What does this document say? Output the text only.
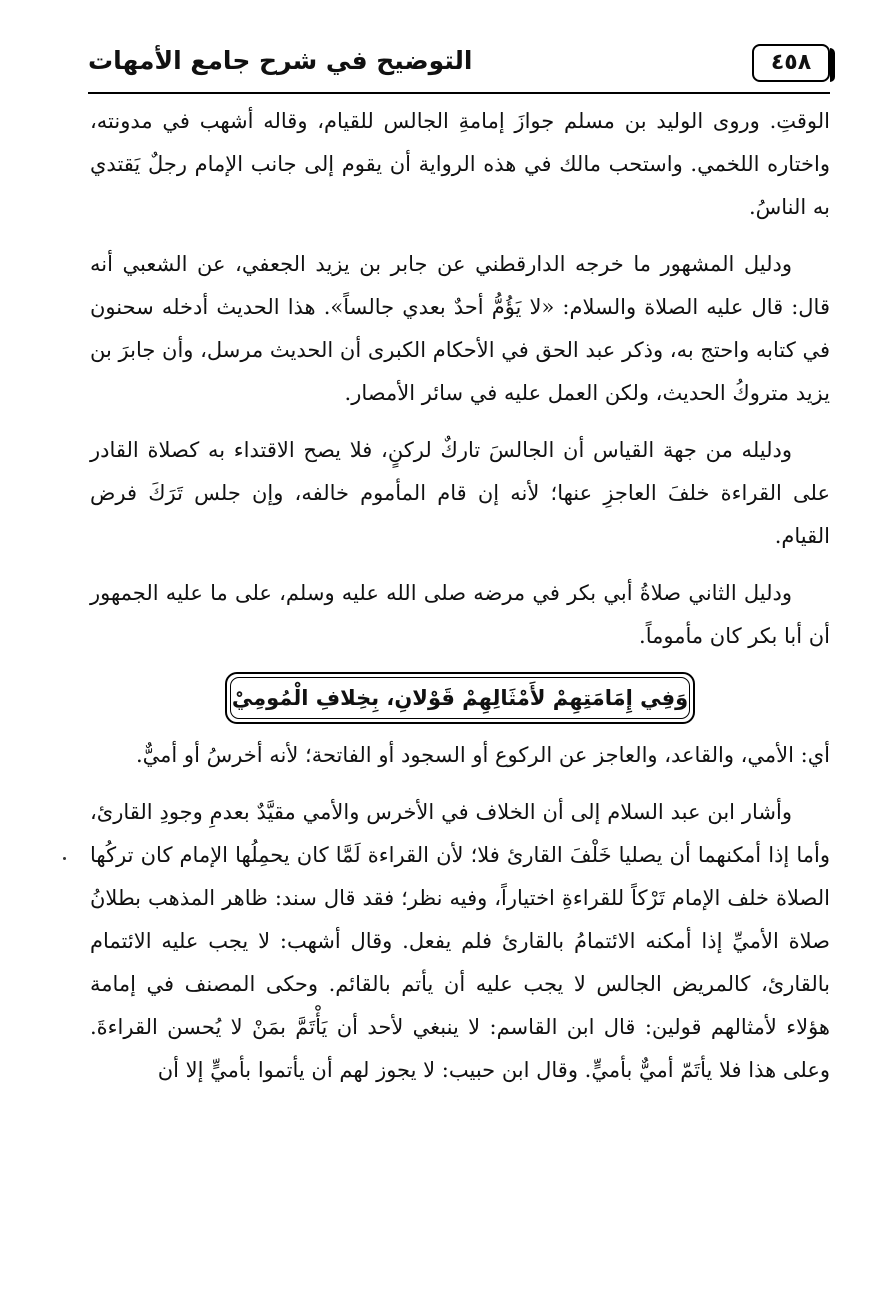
التوضيح في شرح جامع الأمهات	٤٥٨

الوقتِ. وروى الوليد بن مسلم جوازَ إمامةِ الجالس للقيام، وقاله أشهب في مدونته، واختاره اللخمي. واستحب مالك في هذه الرواية أن يقوم إلى جانب الإمام رجلٌ يَقتدي به الناسُ.

ودليل المشهور ما خرجه الدارقطني عن جابر بن يزيد الجعفي، عن الشعبي أنه قال: قال عليه الصلاة والسلام: «لا يَؤُمُّ أحدٌ بعدي جالساً». هذا الحديث أدخله سحنون في كتابه واحتج به، وذكر عبد الحق في الأحكام الكبرى أن الحديث مرسل، وأن جابرَ بن يزيد متروكُ الحديث، ولكن العمل عليه في سائر الأمصار.

ودليله من جهة القياس أن الجالسَ تاركٌ لركنٍ، فلا يصح الاقتداء به كصلاة القادر على القراءة خلفَ العاجزِ عنها؛ لأنه إن قام المأموم خالفه، وإن جلس تَرَكَ فرض القيام.

ودليل الثاني صلاةُ أبي بكر في مرضه صلى الله عليه وسلم، على ما عليه الجمهور أن أبا بكر كان مأموماً.

وَفِي إِمَامَتِهِمْ لأَمْثَالِهِمْ قَوْلانِ، بِخِلافِ الْمُومِيْ

أي: الأمي، والقاعد، والعاجز عن الركوع أو السجود أو الفاتحة؛ لأنه أخرسُ أو أميٌّ.

وأشار ابن عبد السلام إلى أن الخلاف في الأخرس والأمي مقيَّدٌ بعدمِ وجودِ القارئ، وأما إذا أمكنهما أن يصليا خَلْفَ القارئ فلا؛ لأن القراءة لَمَّا كان يحمِلُها الإمام كان تركُها الصلاة خلف الإمام تَرْكاً للقراءةِ اختياراً، وفيه نظر؛ فقد قال سند: ظاهر المذهب بطلانُ صلاة الأميِّ إذا أمكنه الائتمامُ بالقارئ فلم يفعل. وقال أشهب: لا يجب عليه الائتمام بالقارئ، كالمريض الجالس لا يجب عليه أن يأتم بالقائم. وحكى المصنف في إمامة هؤلاء لأمثالهم قولين: قال ابن القاسم: لا ينبغي لأحد أن يَأْتَمَّ بمَنْ لا يُحسن القراءةَ. وعلى هذا فلا يأتَمّ أميٌّ بأميٍّ. وقال ابن حبيب: لا يجوز لهم أن يأتموا بأميٍّ إلا أن
